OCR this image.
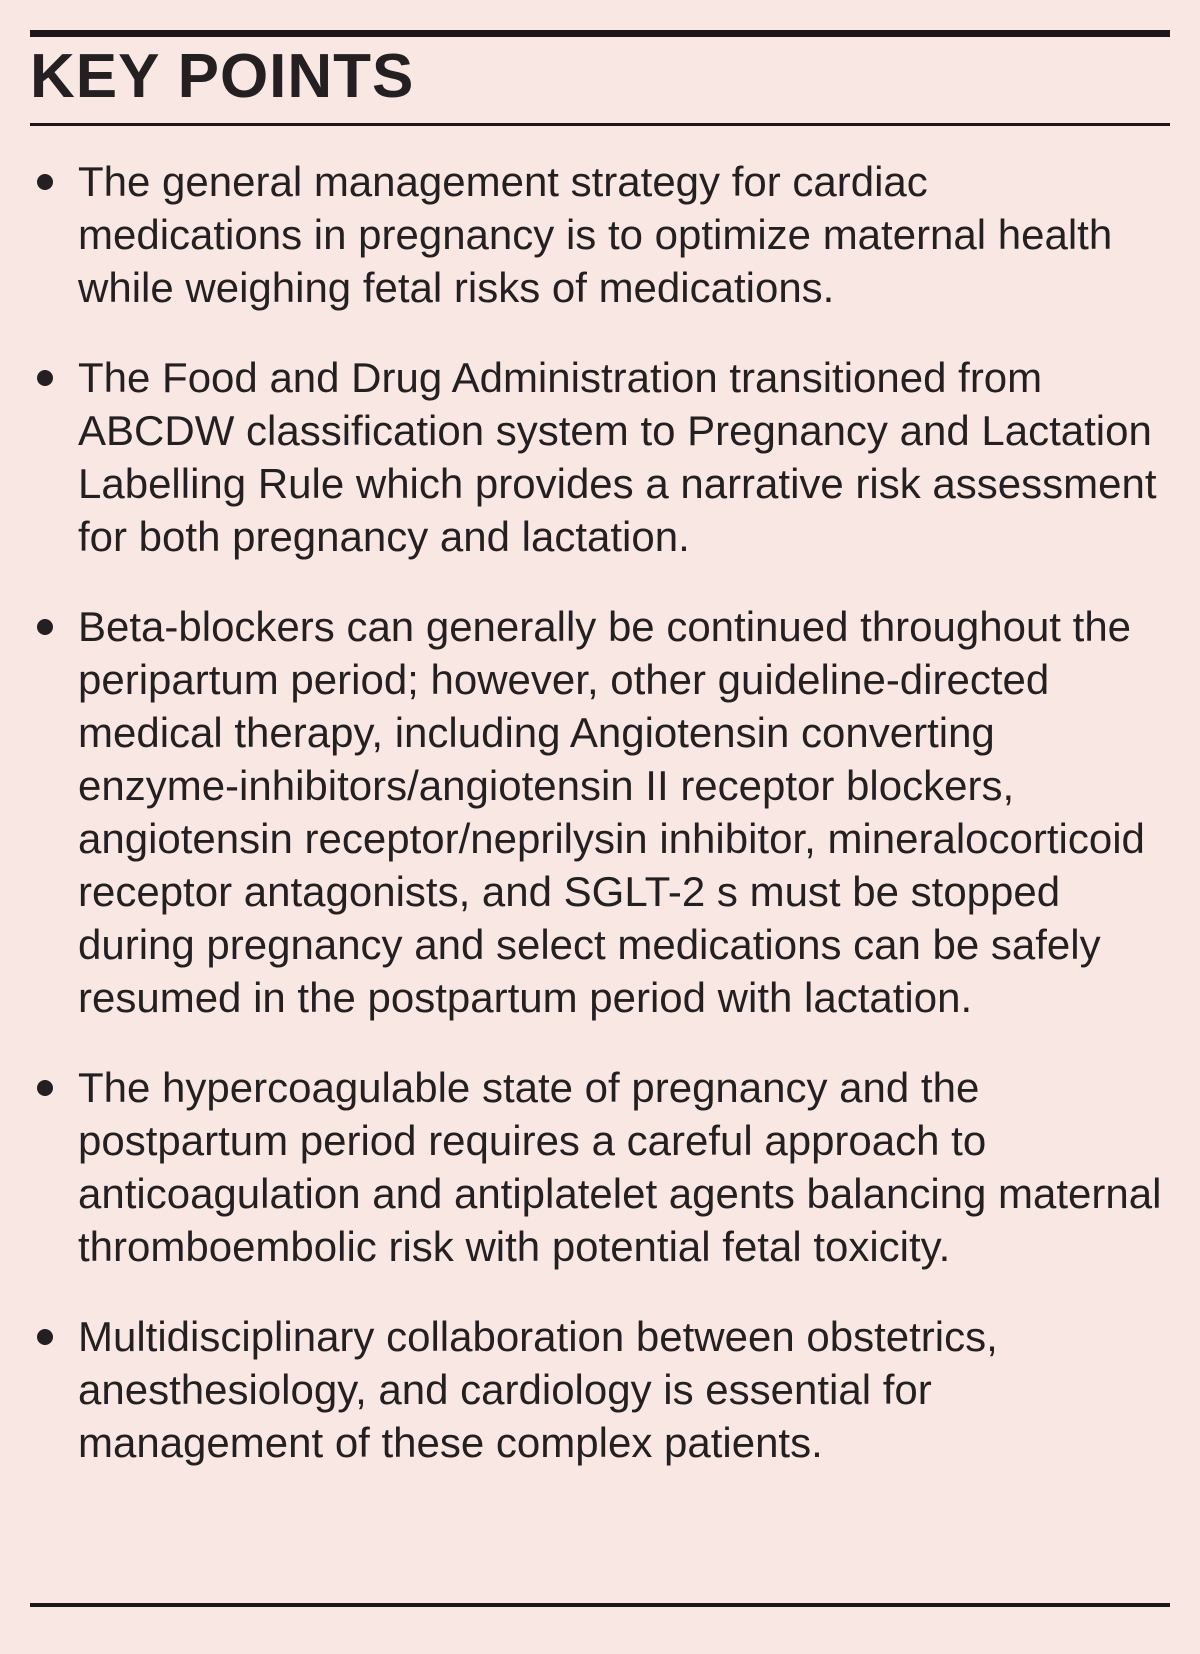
KEY POINTS
The general management strategy for cardiac medications in pregnancy is to optimize maternal health while weighing fetal risks of medications.
The Food and Drug Administration transitioned from ABCDW classification system to Pregnancy and Lactation Labelling Rule which provides a narrative risk assessment for both pregnancy and lactation.
Beta-blockers can generally be continued throughout the peripartum period; however, other guideline-directed medical therapy, including Angiotensin converting enzyme-inhibitors/angiotensin II receptor blockers, angiotensin receptor/neprilysin inhibitor, mineralocorticoid receptor antagonists, and SGLT-2 s must be stopped during pregnancy and select medications can be safely resumed in the postpartum period with lactation.
The hypercoagulable state of pregnancy and the postpartum period requires a careful approach to anticoagulation and antiplatelet agents balancing maternal thromboembolic risk with potential fetal toxicity.
Multidisciplinary collaboration between obstetrics, anesthesiology, and cardiology is essential for management of these complex patients.
